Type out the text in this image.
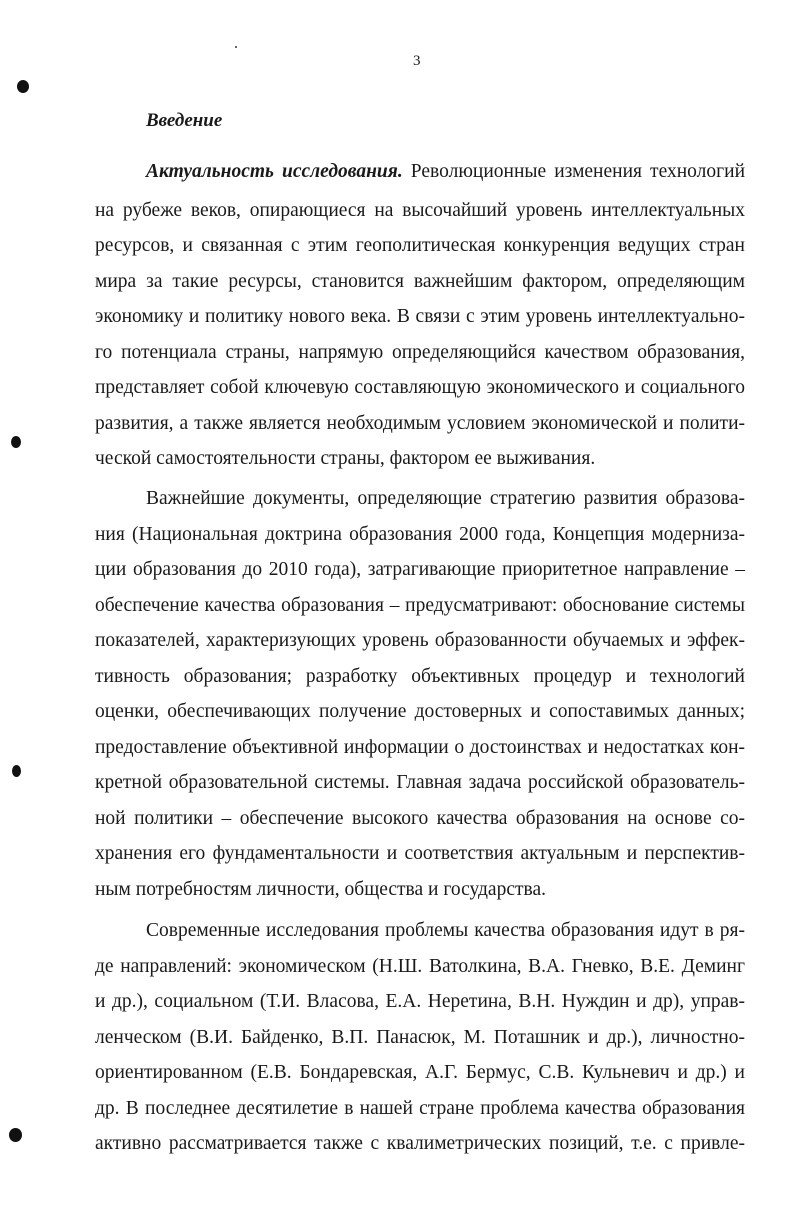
3
Введение
Актуальность исследования. Революционные изменения технологий
на рубеже веков, опирающиеся на высочайший уровень интеллектуальных
ресурсов, и связанная с этим геополитическая конкуренция ведущих стран
мира за такие ресурсы, становится важнейшим фактором, определяющим
экономику и политику нового века. В связи с этим уровень интеллектуально-
го потенциала страны, напрямую определяющийся качеством образования,
представляет собой ключевую составляющую экономического и социального
развития, а также является необходимым условием экономической и полити-
ческой самостоятельности страны, фактором ее выживания.
Важнейшие документы, определяющие стратегию развития образова-
ния (Национальная доктрина образования 2000 года, Концепция модерниза-
ции образования до 2010 года), затрагивающие приоритетное направление –
обеспечение качества образования – предусматривают: обоснование системы
показателей, характеризующих уровень образованности обучаемых и эффек-
тивность образования; разработку объективных процедур и технологий
оценки, обеспечивающих получение достоверных и сопоставимых данных;
предоставление объективной информации о достоинствах и недостатках кон-
кретной образовательной системы. Главная задача российской образователь-
ной политики – обеспечение высокого качества образования на основе со-
хранения его фундаментальности и соответствия актуальным и перспектив-
ным потребностям личности, общества и государства.
Современные исследования проблемы качества образования идут в ря-
де направлений: экономическом (Н.Ш. Ватолкина, В.А. Гневко, В.Е. Деминг
и др.), социальном (Т.И. Власова, Е.А. Неретина, В.Н. Нуждин и др), управ-
ленческом (В.И. Байденко, В.П. Панасюк, М. Поташник и др.), личностно-
ориентированном (Е.В. Бондаревская, А.Г. Бермус, С.В. Кульневич и др.) и
др. В последнее десятилетие в нашей стране проблема качества образования
активно рассматривается также с квалиметрических позиций, т.е. с привле-
